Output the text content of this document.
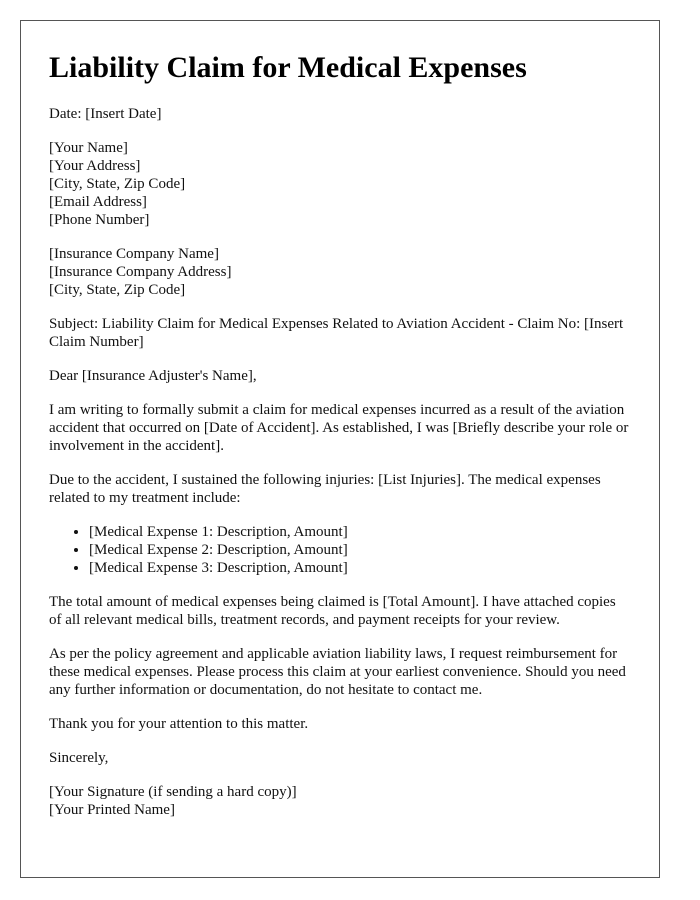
Liability Claim for Medical Expenses

Date: [Insert Date]

[Your Name]
[Your Address]
[City, State, Zip Code]
[Email Address]
[Phone Number]
[Insurance Company Name]
[Insurance Company Address]
[City, State, Zip Code]

Subject: Liability Claim for Medical Expenses Related to Aviation Accident - Claim No: [Insert Claim Number]

Dear [Insurance Adjuster's Name],

I am writing to formally submit a claim for medical expenses incurred as a result of the aviation accident that occurred on [Date of Accident]. As established, I was [Briefly describe your role or involvement in the accident].

Due to the accident, I sustained the following injuries: [List Injuries]. The medical expenses related to my treatment include:

• [Medical Expense 1: Description, Amount]
• [Medical Expense 2: Description, Amount]
• [Medical Expense 3: Description, Amount]

The total amount of medical expenses being claimed is [Total Amount]. I have attached copies of all relevant medical bills, treatment records, and payment receipts for your review.

As per the policy agreement and applicable aviation liability laws, I request reimbursement for these medical expenses. Please process this claim at your earliest convenience. Should you need any further information or documentation, do not hesitate to contact me.

Thank you for your attention to this matter.

Sincerely,

[Your Signature (if sending a hard copy)]
[Your Printed Name]
